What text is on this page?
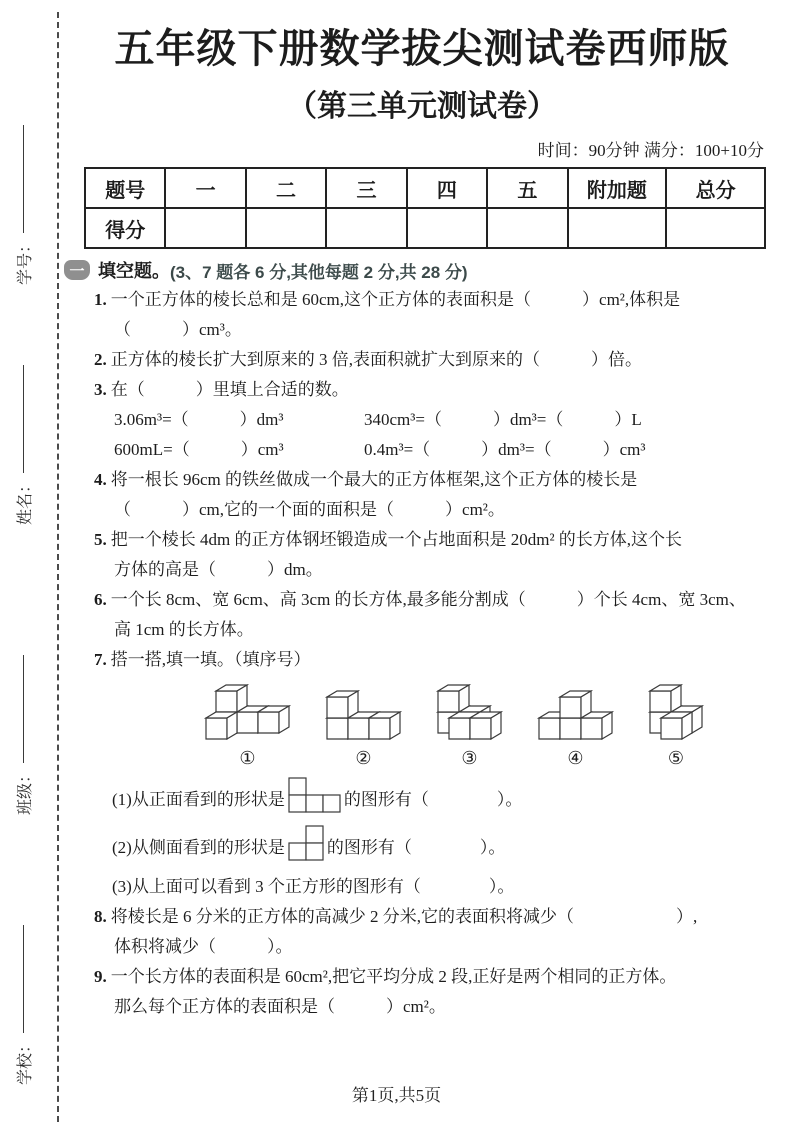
学号：
姓名：
班级：
学校：
五年级下册数学拔尖测试卷西师版
（第三单元测试卷）
时间：90分钟 满分：100+10分
题号	一	二	三	四	五	附加题	总分
得分							
一 填空题。 (3、7 题各 6 分,其他每题 2 分,共 28 分)
1. 一个正方体的棱长总和是 60cm,这个正方体的表面积是（　　　）cm²,体积是
（　　　）cm³。
2. 正方体的棱长扩大到原来的 3 倍,表面积就扩大到原来的（　　　）倍。
3. 在（　　　）里填上合适的数。
3.06m³=（　　　）dm³	340cm³=（　　　）dm³=（　　　）L
600mL=（　　　）cm³	0.4m³=（　　　）dm³=（　　　）cm³
4. 将一根长 96cm 的铁丝做成一个最大的正方体框架,这个正方体的棱长是
（　　　）cm,它的一个面的面积是（　　　）cm²。
5. 把一个棱长 4dm 的正方体钢坯锻造成一个占地面积是 20dm² 的长方体,这个长
方体的高是（　　　）dm。
6. 一个长 8cm、宽 6cm、高 3cm 的长方体,最多能分割成（　　　）个长 4cm、宽 3cm、
高 1cm 的长方体。
7. 搭一搭,填一填。（填序号）
①	②	③	④	⑤
(1)从正面看到的形状是	的图形有（　　　　）。
(2)从侧面看到的形状是 的图形有（　　　　）。
(3)从上面可以看到 3 个正方形的图形有（　　　　）。
8. 将棱长是 6 分米的正方体的高减少 2 分米,它的表面积将减少（　　　　　　）,
体积将减少（　　　）。
9. 一个长方体的表面积是 60cm²,把它平均分成 2 段,正好是两个相同的正方体。
那么每个正方体的表面积是（　　　）cm²。
第1页,共5页
